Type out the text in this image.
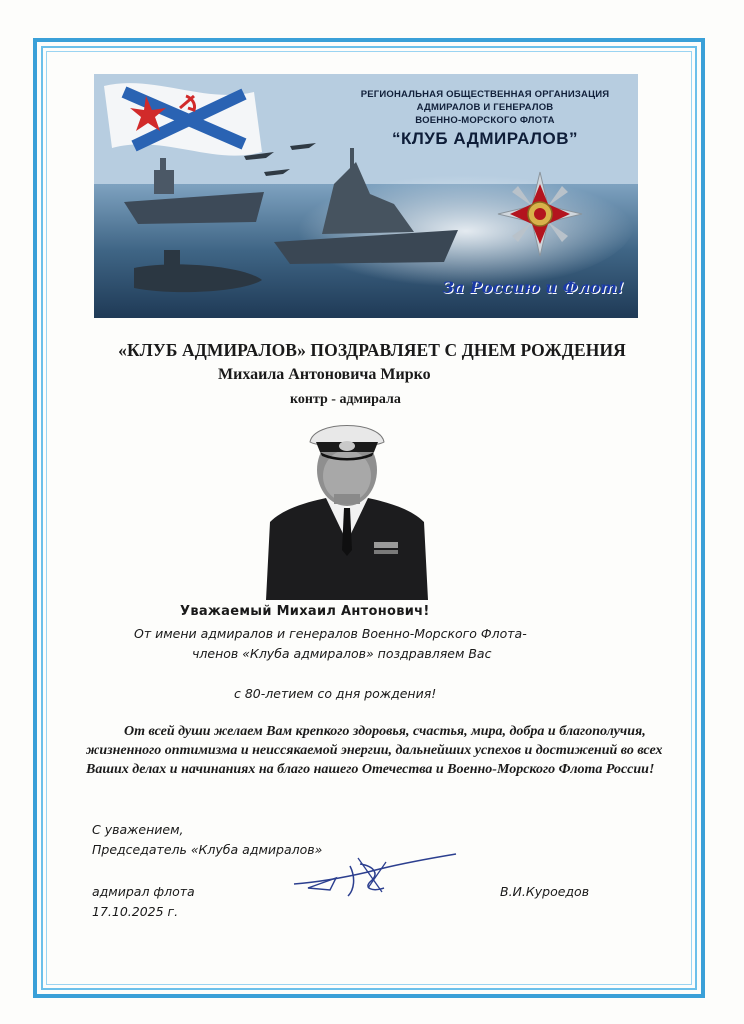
РЕГИОНАЛЬНАЯ ОБЩЕСТВЕННАЯ ОРГАНИЗАЦИЯ
АДМИРАЛОВ И ГЕНЕРАЛОВ
ВОЕННО-МОРСКОГО ФЛОТА
“КЛУБ АДМИРАЛОВ”
За Россию и Флот!
«КЛУБ АДМИРАЛОВ» ПОЗДРАВЛЯЕТ С ДНЕМ РОЖДЕНИЯ
Михаила Антоновича Мирко
контр - адмирала
Уважаемый Михаил Антонович!
От имени адмиралов и генералов Военно-Морского Флота-
членов «Клуба адмиралов» поздравляем Вас
с 80-летием со дня рождения!
От всей души желаем Вам крепкого здоровья, счастья, мира, добра и благополучия, жизненного оптимизма и неиссякаемой энергии, дальнейших успехов и достижений во всех Ваших делах и начинаниях на благо нашего Отечества и Военно-Морского Флота России!
С уважением,
Председатель «Клуба адмиралов»
адмирал флота
17.10.2025 г.
В.И.Куроедов
